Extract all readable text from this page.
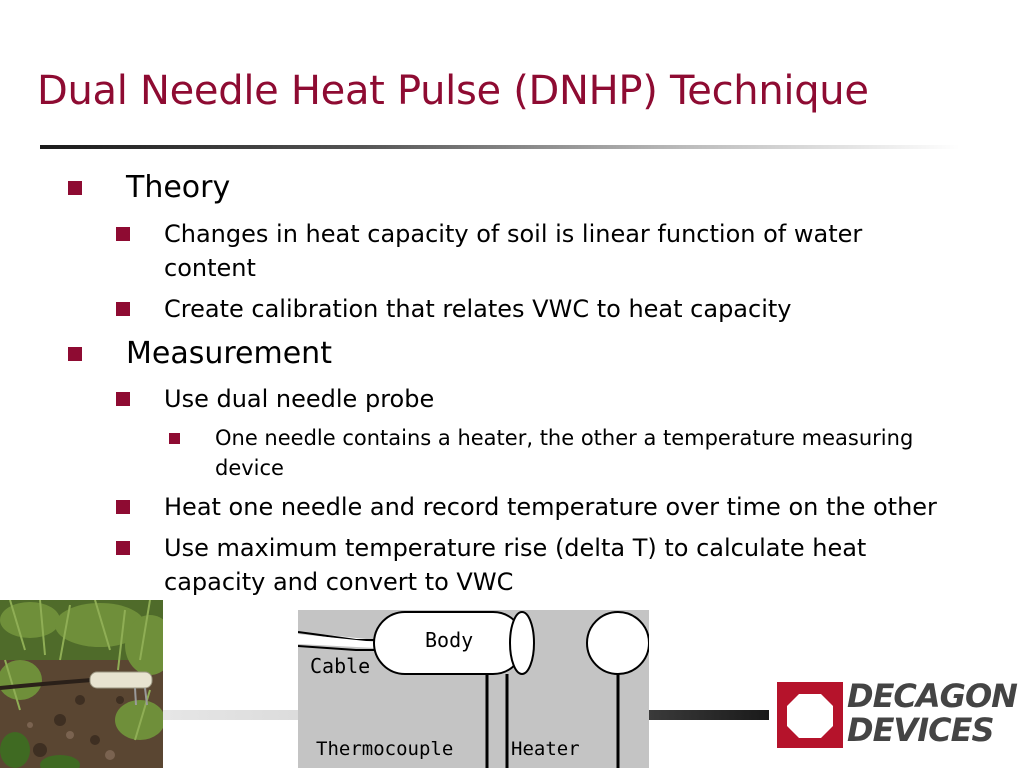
Dual Needle Heat Pulse (DNHP) Technique
Theory
Changes in heat capacity of soil is linear function of water content
Create calibration that relates VWC to heat capacity
Measurement
Use dual needle probe
One needle contains a heater, the other a temperature measuring device
Heat one needle and record temperature over time on the other
Use maximum temperature rise (delta T) to calculate heat capacity and convert to VWC
Body
Cable
Thermocouple	Heater
DECAGON
DEVICES
